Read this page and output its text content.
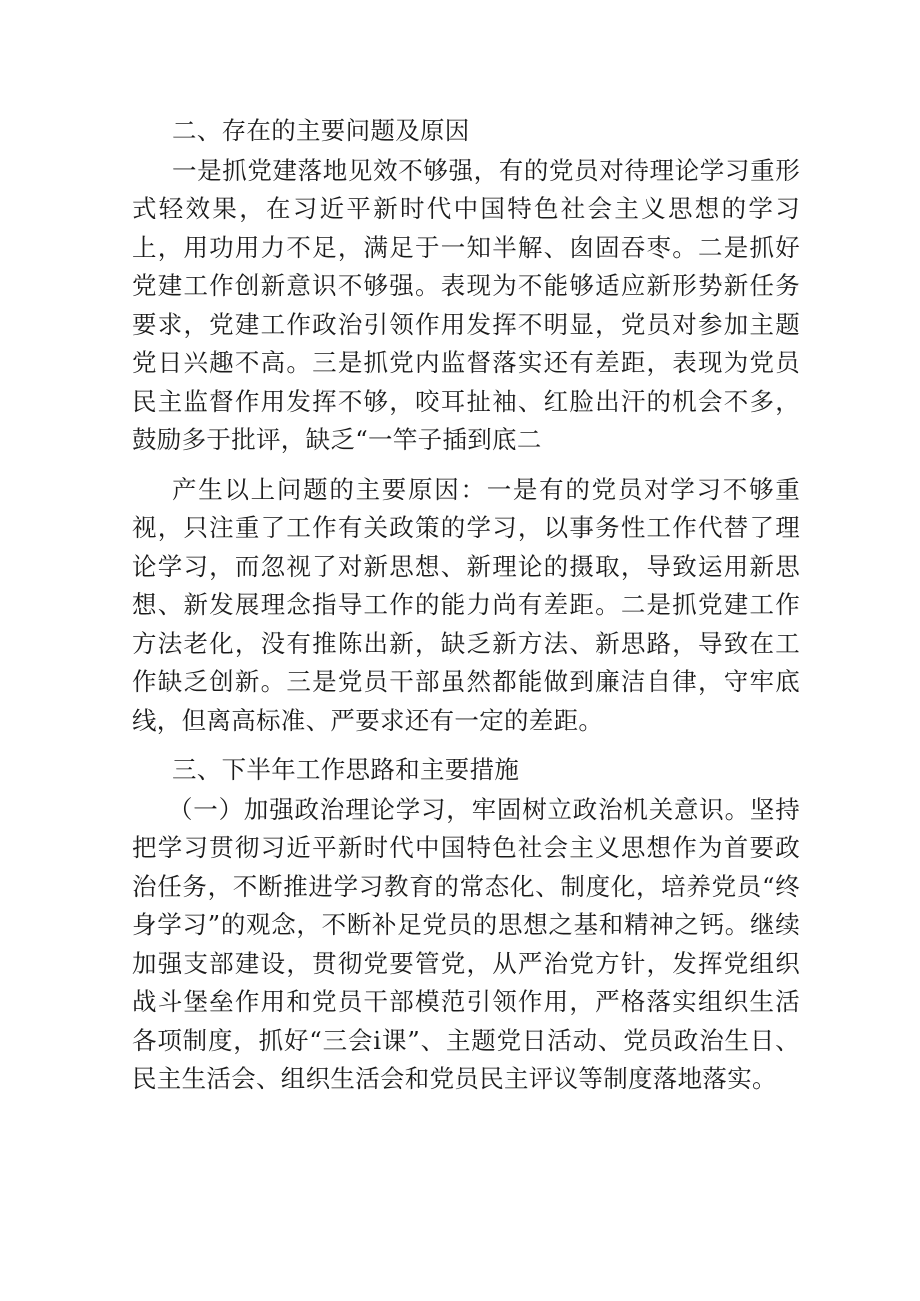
二、存在的主要问题及原因

一是抓党建落地见效不够强，有的党员对待理论学习重形式轻效果，在习近平新时代中国特色社会主义思想的学习上，用功用力不足，满足于一知半解、囱固吞枣。二是抓好党建工作创新意识不够强。表现为不能够适应新形势新任务要求，党建工作政治引领作用发挥不明显，党员对参加主题党日兴趣不高。三是抓党内监督落实还有差距，表现为党员民主监督作用发挥不够，咬耳扯袖、红脸出汗的机会不多，鼓励多于批评，缺乏“一竿子插到底二

产生以上问题的主要原因：一是有的党员对学习不够重视，只注重了工作有关政策的学习，以事务性工作代替了理论学习，而忽视了对新思想、新理论的摄取，导致运用新思想、新发展理念指导工作的能力尚有差距。二是抓党建工作方法老化，没有推陈出新，缺乏新方法、新思路，导致在工作缺乏创新。三是党员干部虽然都能做到廉洁自律，守牢底线，但离高标准、严要求还有一定的差距。

三、下半年工作思路和主要措施

（一）加强政治理论学习，牢固树立政治机关意识。坚持把学习贯彻习近平新时代中国特色社会主义思想作为首要政治任务，不断推进学习教育的常态化、制度化，培养党员“终身学习”的观念，不断补足党员的思想之基和精神之钙。继续加强支部建设，贯彻党要管党，从严治党方针，发挥党组织战斗堡垒作用和党员干部模范引领作用，严格落实组织生活各项制度，抓好“三会i课”、主题党日活动、党员政治生日、民主生活会、组织生活会和党员民主评议等制度落地落实。
